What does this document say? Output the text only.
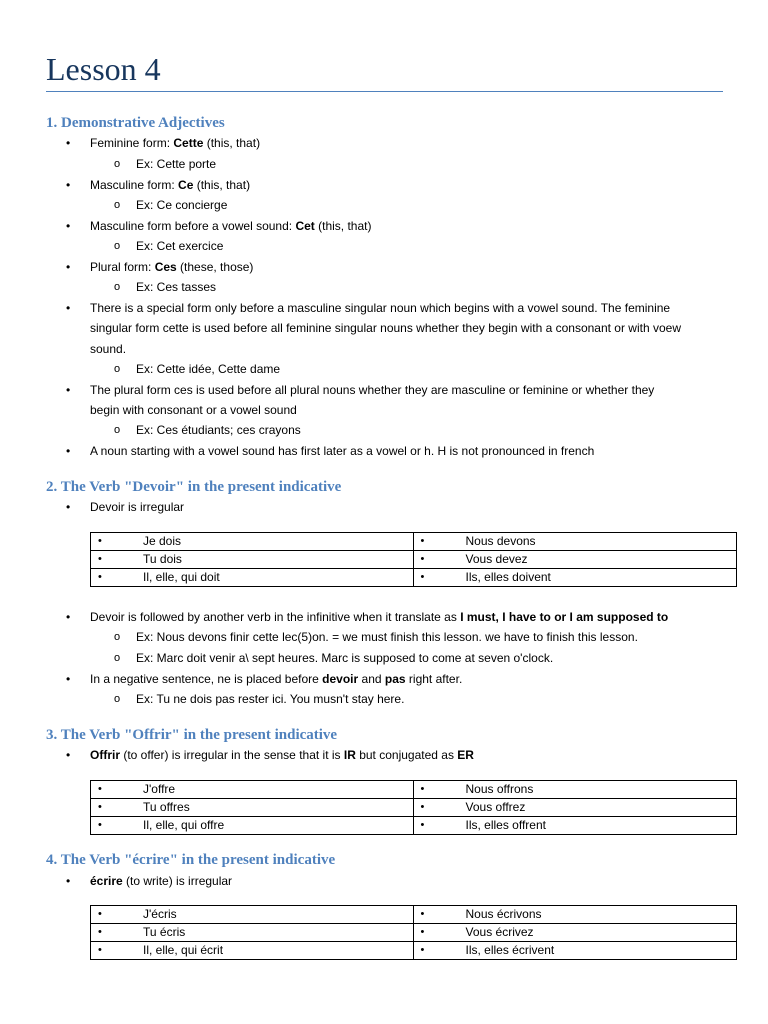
Lesson 4
1. Demonstrative Adjectives
•	Feminine form: Cette (this, that)
o Ex: Cette porte
•	Masculine form: Ce (this, that)
o Ex: Ce concierge
•	Masculine form before a vowel sound: Cet (this, that)
o Ex: Cet exercice
•	Plural form: Ces (these, those)
o Ex: Ces tasses
•	There is a special form only before a masculine singular noun which begins with a vowel sound. The feminine
singular form cette is used before all feminine singular nouns whether they begin with a consonant or with voew
sound.
o Ex: Cette idée, Cette dame
•	The plural form ces is used before all plural nouns whether they are masculine or feminine or whether they
begin with consonant or a vowel sound
o Ex: Ces étudiants; ces crayons
•	A noun starting with a vowel sound has first later as a vowel or h. H is not pronounced in french
2. The Verb "Devoir" in the present indicative
•	Devoir is irregular
• Je dois	• Nous devons

• Tu dois	• Vous devez

• Il, elle, qui doit	• Ils, elles doivent
•	Devoir is followed by another verb in the infinitive when it translate as I must, I have to or I am supposed to
o Ex: Nous devons finir cette lec(5)on. = we must finish this lesson. we have to finish this lesson.
o Ex: Marc doit venir a\ sept heures. Marc is supposed to come at seven o'clock.
•	In a negative sentence, ne is placed before devoir and pas right after.
o Ex: Tu ne dois pas rester ici. You musn't stay here.
3. The Verb "Offrir" in the present indicative
•	Offrir (to offer) is irregular in the sense that it is IR but conjugated as ER
• J'offre	• Nous offrons

• Tu offres	• Vous offrez

• Il, elle, qui offre	• Ils, elles offrent
4. The Verb "écrire" in the present indicative
•	écrire (to write) is irregular
• J'écris	• Nous écrivons

• Tu écris	• Vous écrivez

• Il, elle, qui écrit	• Ils, elles écrivent
